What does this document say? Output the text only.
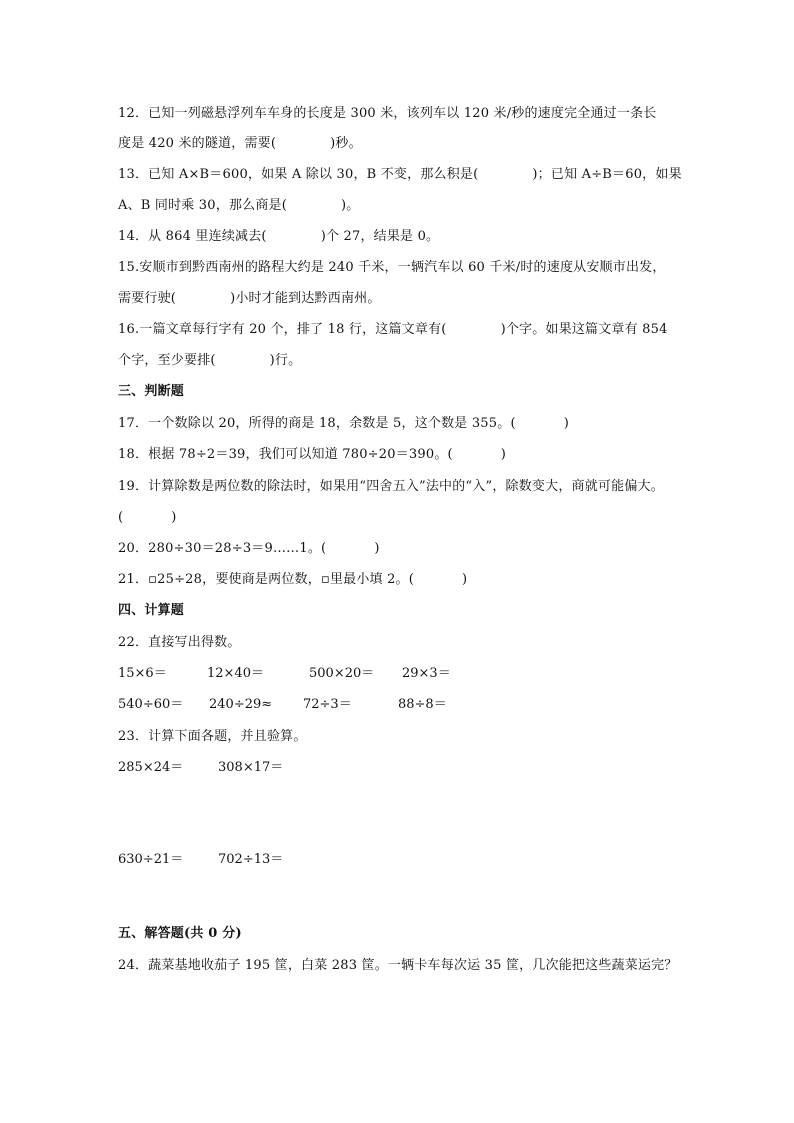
12．已知一列磁悬浮列车车身的长度是 300 米，该列车以 120 米/秒的速度完全通过一条长
度是 420 米的隧道，需要(	)秒。
13．已知 A×B＝600，如果 A 除以 30，B 不变，那么积是(	)；已知 A÷B＝60，如果
A、B 同时乘 30，那么商是(	)。
14．从 864 里连续减去(	)个 27，结果是 0。
15.安顺市到黔西南州的路程大约是 240 千米，一辆汽车以 60 千米/时的速度从安顺市出发，
需要行驶(	)小时才能到达黔西南州。
16.一篇文章每行字有 20 个，排了 18 行，这篇文章有(	)个字。如果这篇文章有 854
个字，至少要排(	)行。
三、判断题
17．一个数除以 20，所得的商是 18，余数是 5，这个数是 355。(	)
18．根据 78÷2＝39，我们可以知道 780÷20＝390。(	)
19．计算除数是两位数的除法时，如果用“四舍五入”法中的“入”，除数变大，商就可能偏大。
(	)
20．280÷30＝28÷3＝9……1。(	)
21．▫25÷28，要使商是两位数，▫里最小填 2。(	)
四、计算题
22．直接写出得数。
15×6＝	12×40＝	500×20＝ 29×3＝
540÷60＝ 240÷29≈ 72÷3＝	88÷8＝
23．计算下面各题，并且验算。
285×24＝	308×17＝
630÷21＝	702÷13＝
五、解答题(共 0 分)
24．蔬菜基地收茄子 195 筐，白菜 283 筐。一辆卡车每次运 35 筐，几次能把这些蔬菜运完？
